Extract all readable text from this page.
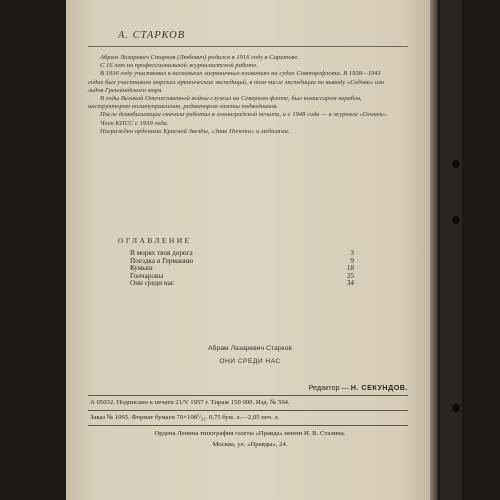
А. СТАРКОВ

Абрам Лазаревич Старков (Любович) родился в 1916 году в Саратове.

С 16 лет на профессиональной журналистской работе.

В 1936 году участвовал в нескольких заграничных плаваниях на судах Совторгфлота. В 1938—1941 годах был участником морских арктических экспедиций, в том числе экспедиции по выводу «Седова» изо льдов Гренландского моря.

В годы Великой Отечественной войны служил на Северном флоте, был комиссаром корабля, инструктором политуправления, редактором газеты подводников.

После демобилизации сначала работал в ленинградской печати, а с 1948 года — в журнале «Огонек».

Член КПСС с 1939 года.

Награжден орденами Красной Звезды, «Знак Почета» и медалями.

ОГЛАВЛЕНИЕ
В морях твоя дорога	3
Поездка в Германию	9
Кумыш	18
Гончаровы	25
Они среди нас	34
Абрам Лазаревич Старков
ОНИ СРЕДИ НАС
Редактор — Н. СЕКУНДОВ.
А 05032. Подписано к печати 21/V 1957 г. Тираж 150 000. Изд. № 594.
Заказ № 1065. Формат бумаги 70×108¹/₃₂. 0,75 бум. л.—2,05 печ. л.
Ордена Ленина типография газеты «Правда» имени И. В. Сталина.
Москва, ул. «Правды», 24.
